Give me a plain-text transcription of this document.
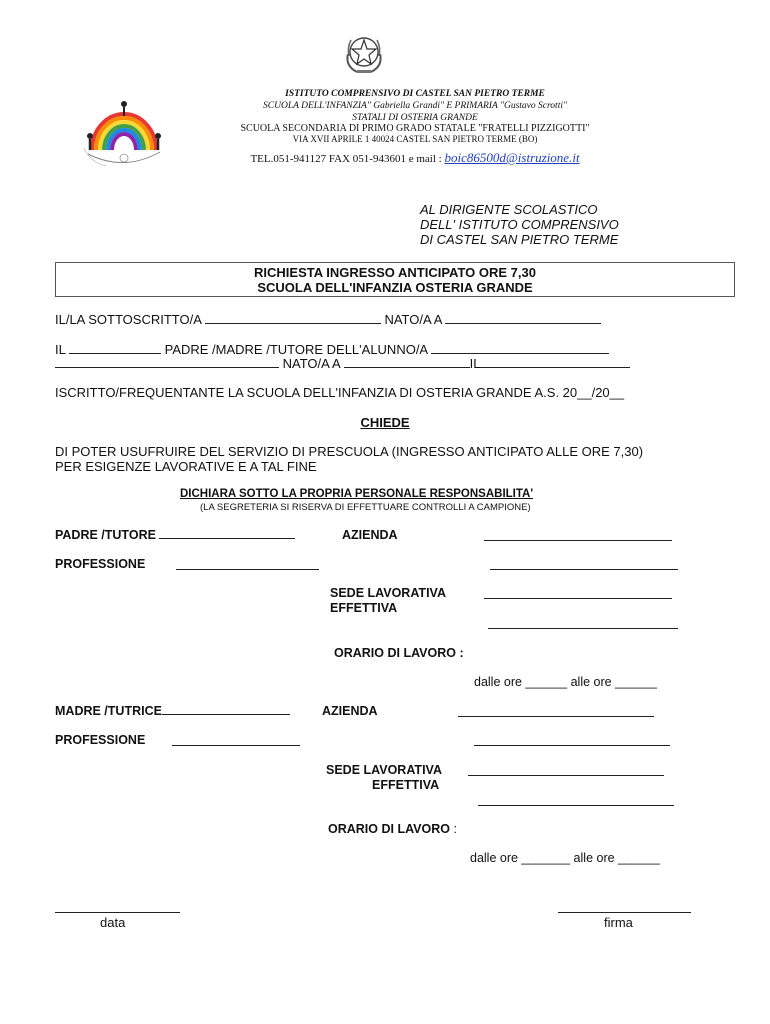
ISTITUTO COMPRENSIVO DI CASTEL SAN PIETRO TERME
SCUOLA DELL'INFANZIA" Gabriella Grandi" E PRIMARIA "Gustavo Scrotti"
STATALI DI OSTERIA GRANDE
SCUOLA SECONDARIA DI PRIMO GRADO STATALE "FRATELLI PIZZIGOTTI"
VIA XVII APRILE 1 40024 CASTEL SAN PIETRO TERME (BO)
TEL.051-941127 FAX 051-943601 e mail : boic86500d@istruzione.it
AL DIRIGENTE SCOLASTICO
DELL' ISTITUTO COMPRENSIVO
DI CASTEL SAN PIETRO TERME
RICHIESTA INGRESSO ANTICIPATO ORE 7,30
SCUOLA DELL'INFANZIA OSTERIA GRANDE
IL/LA SOTTOSCRITTO/A	NATO/A A
IL	PADRE /MADRE /TUTORE DELL'ALUNNO/A
NATO/A A	IL
ISCRITTO/FREQUENTANTE LA SCUOLA DELL'INFANZIA DI OSTERIA GRANDE A.S. 20__/20__
CHIEDE
DI POTER USUFRUIRE DEL SERVIZIO DI PRESCUOLA (INGRESSO ANTICIPATO ALLE ORE 7,30)
PER ESIGENZE LAVORATIVE E A TAL FINE
DICHIARA SOTTO LA PROPRIA PERSONALE RESPONSABILITA'
(LA SEGRETERIA SI RISERVA DI EFFETTUARE CONTROLLI A CAMPIONE)
PADRE /TUTORE	AZIENDA
PROFESSIONE
SEDE LAVORATIVA
EFFETTIVA
ORARIO DI LAVORO :
dalle ore ______ alle ore ______
MADRE /TUTRICE	AZIENDA
PROFESSIONE
SEDE LAVORATIVA
EFFETTIVA
ORARIO DI LAVORO :
dalle ore _______ alle ore ______
data	firma
